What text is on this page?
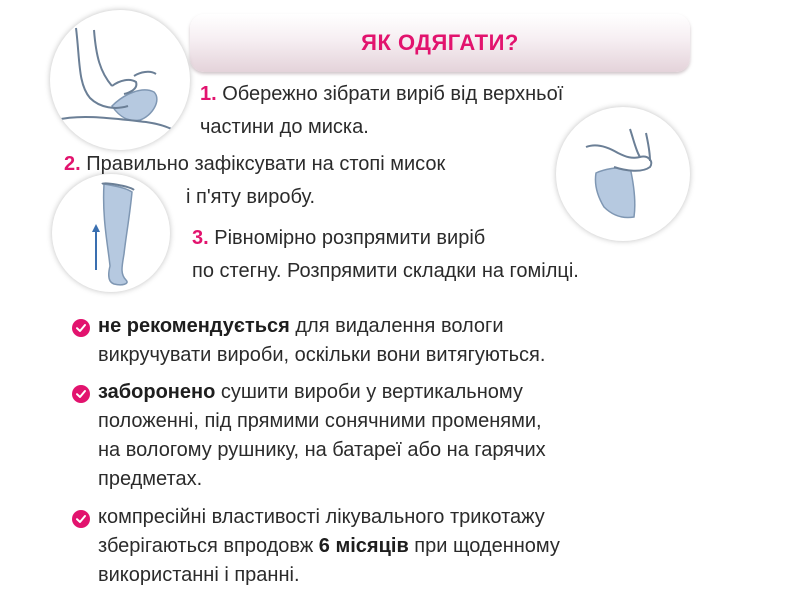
ЯК ОДЯГАТИ?
1. Обережно зібрати виріб від верхньої
частини до миска.
2. Правильно зафіксувати на стопі мисок
і п'яту виробу.
3. Рівномірно розпрямити виріб
по стегну. Розпрямити складки на гомілці.
не рекомендується для видалення вологи
викручувати вироби, оскільки вони витягуються.
заборонено сушити вироби у вертикальному
положенні, під прямими сонячними променями,
на вологому рушнику, на батареї або на гарячих
предметах.
компресійні властивості лікувального трикотажу
зберігаються впродовж 6 місяців при щоденному
використанні і пранні.
